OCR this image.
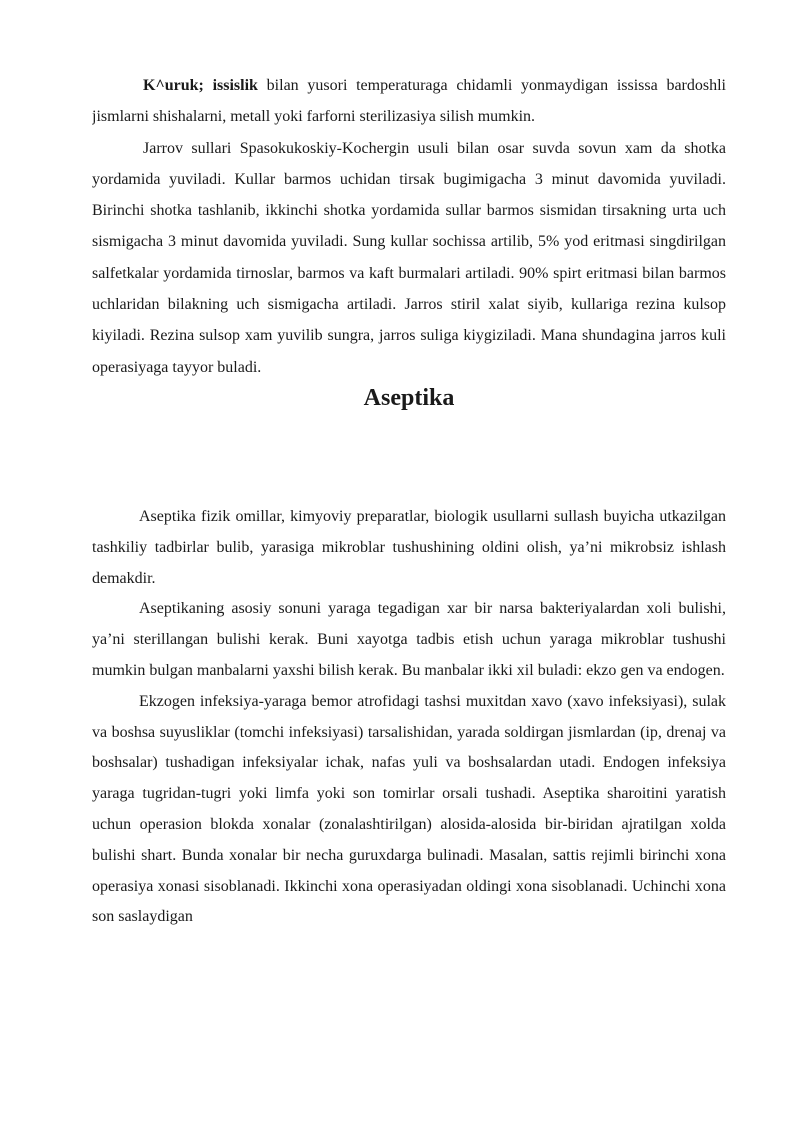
K^uruk; issislik bilan yusori temperaturaga chidamli yonmaydigan ississa bardoshli jismlarni shishalarni, metall yoki farforni sterilizasiya silish mumkin.

Jarrov sullari Spasokukoskiy-Kochergin usuli bilan osar suvda sovun xam da shotka yordamida yuviladi. Kullar barmos uchidan tirsak bugimigacha 3 minut davomida yuviladi. Birinchi shotka tashlanib, ikkinchi shotka yordamida sullar barmos sismidan tirsakning urta uch sismigacha 3 minut davomida yuviladi. Sung kullar sochissa artilib, 5% yod eritmasi singdirilgan salfetkalar yordamida tirnoslar, barmos va kaft burmalari artiladi. 90% spirt eritmasi bilan barmos uchlaridan bilakning uch sismigacha artiladi. Jarros stiril xalat siyib, kullariga rezina kulsop kiyiladi. Rezina sulsop xam yuvilib sungra, jarros suliga kiygiziladi. Mana shundagina jarros kuli operasiyaga tayyor buladi.

Aseptika

Aseptika fizik omillar, kimyoviy preparatlar, biologik usullarni sullash buyicha utkazilgan tashkiliy tadbirlar bulib, yarasiga mikroblar tushushining oldini olish, ya’ni mikrobsiz ishlash demakdir.

Aseptikaning asosiy sonuni yaraga tegadigan xar bir narsa bakteriyalardan xoli bulishi, ya’ni sterillangan bulishi kerak. Buni xayotga tadbis etish uchun yaraga mikroblar tushushi mumkin bulgan manbalarni yaxshi bilish kerak. Bu manbalar ikki xil buladi: ekzo gen va endogen.

Ekzogen infeksiya-yaraga bemor atrofidagi tashsi muxitdan xavo (xavo infeksiyasi), sulak va boshsa suyusliklar (tomchi infeksiyasi) tarsalishidan, yarada soldirgan jismlardan (ip, drenaj va boshsalar) tushadigan infeksiyalar ichak, nafas yuli va boshsalardan utadi. Endogen infeksiya yaraga tugridan-tugri yoki limfa yoki son tomirlar orsali tushadi. Aseptika sharoitini yaratish uchun operasion blokda xonalar (zonalashtirilgan) alosida-alosida bir-biridan ajratilgan xolda bulishi shart. Bunda xonalar bir necha guruxdarga bulinadi. Masalan, sattis rejimli birinchi xona operasiya xonasi sisoblanadi. Ikkinchi xona operasiyadan oldingi xona sisoblanadi. Uchinchi xona son saslaydigan
